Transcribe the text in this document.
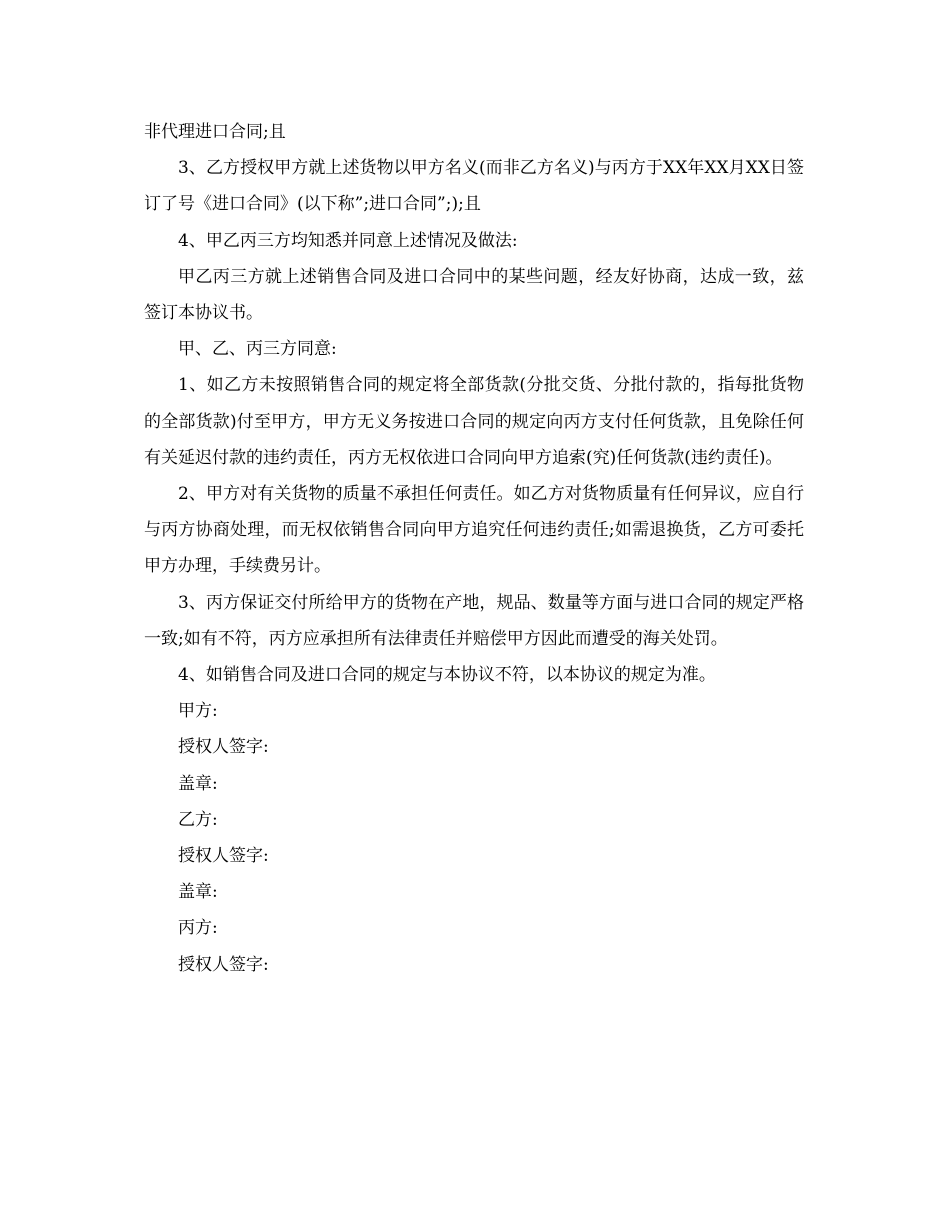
非代理进口合同;且

3、乙方授权甲方就上述货物以甲方名义(而非乙方名义)与丙方于XX年XX月XX日签订了号《进口合同》(以下称”;进口合同”;);且

4、甲乙丙三方均知悉并同意上述情况及做法:

甲乙丙三方就上述销售合同及进口合同中的某些问题，经友好协商，达成一致，兹签订本协议书。

甲、乙、丙三方同意:

1、如乙方未按照销售合同的规定将全部货款(分批交货、分批付款的，指每批货物的全部货款)付至甲方，甲方无义务按进口合同的规定向丙方支付任何货款，且免除任何有关延迟付款的违约责任，丙方无权依进口合同向甲方追索(究)任何货款(违约责任)。

2、甲方对有关货物的质量不承担任何责任。如乙方对货物质量有任何异议，应自行与丙方协商处理，而无权依销售合同向甲方追究任何违约责任;如需退换货，乙方可委托甲方办理，手续费另计。

3、丙方保证交付所给甲方的货物在产地，规品、数量等方面与进口合同的规定严格一致;如有不符，丙方应承担所有法律责任并赔偿甲方因此而遭受的海关处罚。

4、如销售合同及进口合同的规定与本协议不符，以本协议的规定为准。

甲方:

授权人签字:

盖章:

乙方:

授权人签字:

盖章:

丙方:

授权人签字:
